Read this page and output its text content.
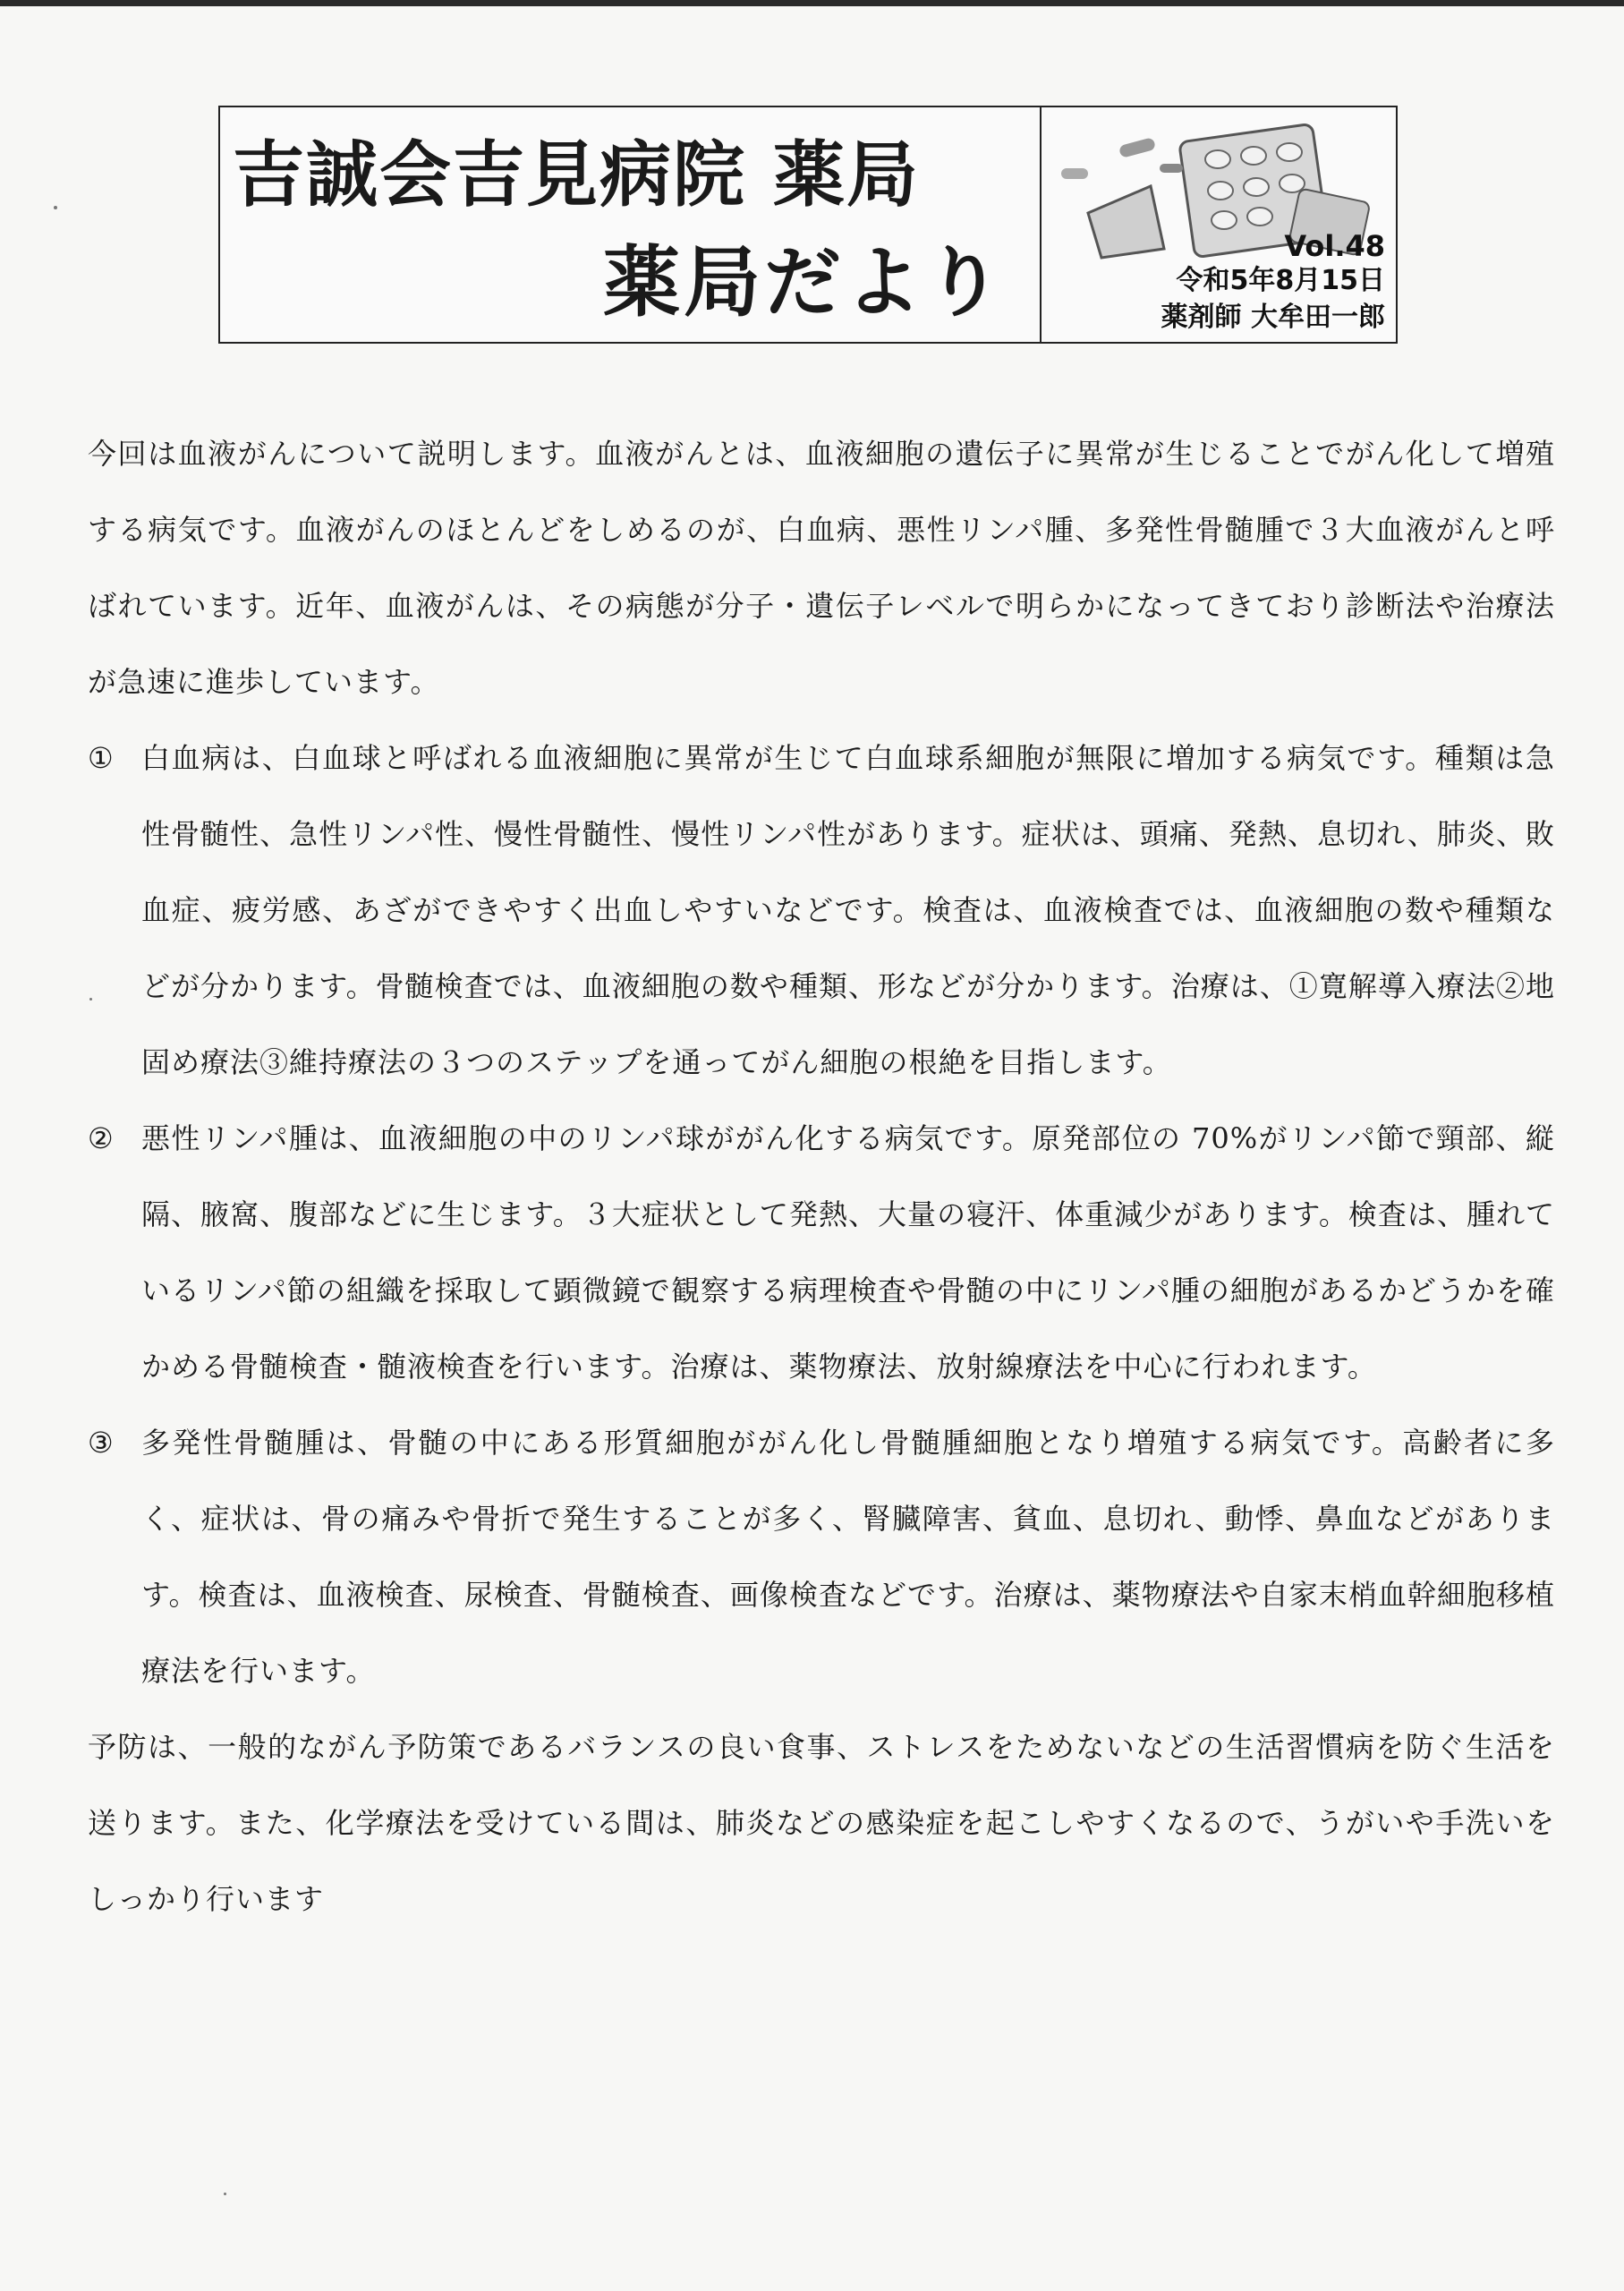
吉誠会吉見病院 薬局
薬局だより	Vol.48
令和5年8月15日
薬剤師 大牟田一郎

今回は血液がんについて説明します。血液がんとは、血液細胞の遺伝子に異常が生じることでがん化して増殖する病気です。血液がんのほとんどをしめるのが、白血病、悪性リンパ腫、多発性骨髄腫で３大血液がんと呼ばれています。近年、血液がんは、その病態が分子・遺伝子レベルで明らかになってきており診断法や治療法が急速に進歩しています。

① 白血病は、白血球と呼ばれる血液細胞に異常が生じて白血球系細胞が無限に増加する病気です。種類は急性骨髄性、急性リンパ性、慢性骨髄性、慢性リンパ性があります。症状は、頭痛、発熱、息切れ、肺炎、敗血症、疲労感、あざができやすく出血しやすいなどです。検査は、血液検査では、血液細胞の数や種類などが分かります。骨髄検査では、血液細胞の数や種類、形などが分かります。治療は、①寛解導入療法②地固め療法③維持療法の３つのステップを通ってがん細胞の根絶を目指します。
② 悪性リンパ腫は、血液細胞の中のリンパ球ががん化する病気です。原発部位の 70%がリンパ節で頸部、縦隔、腋窩、腹部などに生じます。３大症状として発熱、大量の寝汗、体重減少があります。検査は、腫れているリンパ節の組織を採取して顕微鏡で観察する病理検査や骨髄の中にリンパ腫の細胞があるかどうかを確かめる骨髄検査・髄液検査を行います。治療は、薬物療法、放射線療法を中心に行われます。
③ 多発性骨髄腫は、骨髄の中にある形質細胞ががん化し骨髄腫細胞となり増殖する病気です。高齢者に多く、症状は、骨の痛みや骨折で発生することが多く、腎臓障害、貧血、息切れ、動悸、鼻血などがあります。検査は、血液検査、尿検査、骨髄検査、画像検査などです。治療は、薬物療法や自家末梢血幹細胞移植療法を行います。

予防は、一般的ながん予防策であるバランスの良い食事、ストレスをためないなどの生活習慣病を防ぐ生活を送ります。また、化学療法を受けている間は、肺炎などの感染症を起こしやすくなるので、うがいや手洗いをしっかり行います
